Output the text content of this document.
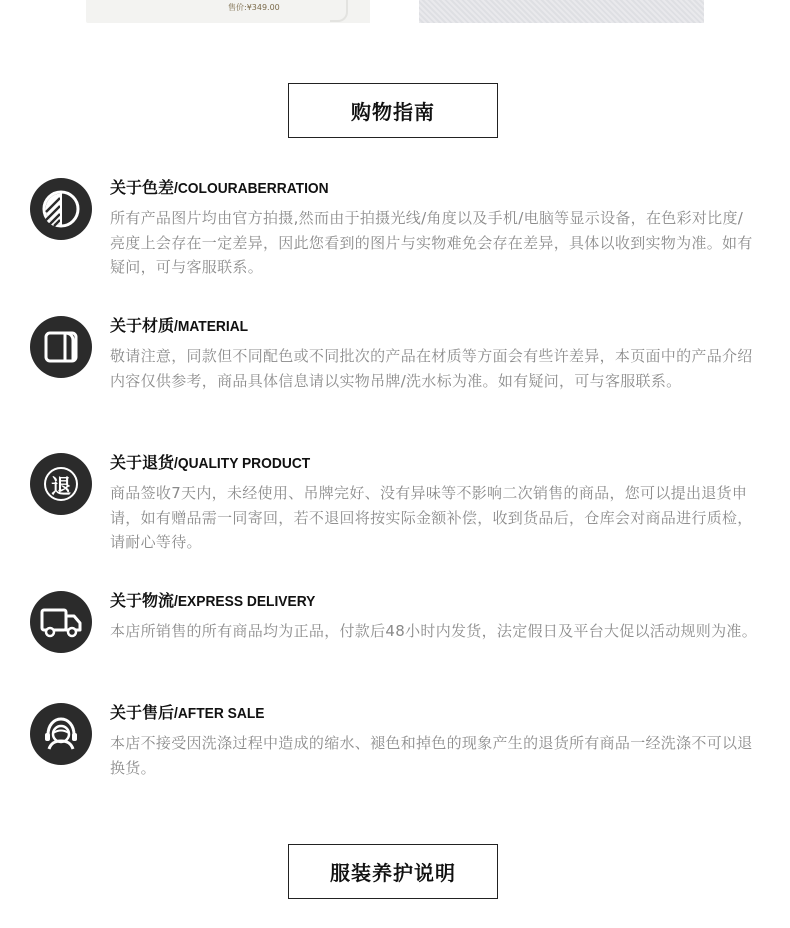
售价:¥349.00
购物指南
关于色差/COLOURABERRATION
所有产品图片均由官方拍摄,然而由于拍摄光线/角度以及手机/电脑等显示设备，在色彩对比度/亮度上会存在一定差异，因此您看到的图片与实物难免会存在差异，具体以收到实物为准。如有疑问，可与客服联系。
关于材质/MATERIAL
敬请注意，同款但不同配色或不同批次的产品在材质等方面会有些许差异，本页面中的产品介绍内容仅供参考，商品具体信息请以实物吊牌/洗水标为准。如有疑问，可与客服联系。
退
关于退货/QUALITY PRODUCT
商品签收7天内，未经使用、吊牌完好、没有异味等不影响二次销售的商品，您可以提出退货申请，如有赠品需一同寄回，若不退回将按实际金额补偿，收到货品后，仓库会对商品进行质检，请耐心等待。
关于物流/EXPRESS DELIVERY
本店所销售的所有商品均为正品，付款后48小时内发货，法定假日及平台大促以活动规则为准。
关于售后/AFTER SALE
本店不接受因洗涤过程中造成的缩水、褪色和掉色的现象产生的退货所有商品一经洗涤不可以退换货。
服装养护说明
